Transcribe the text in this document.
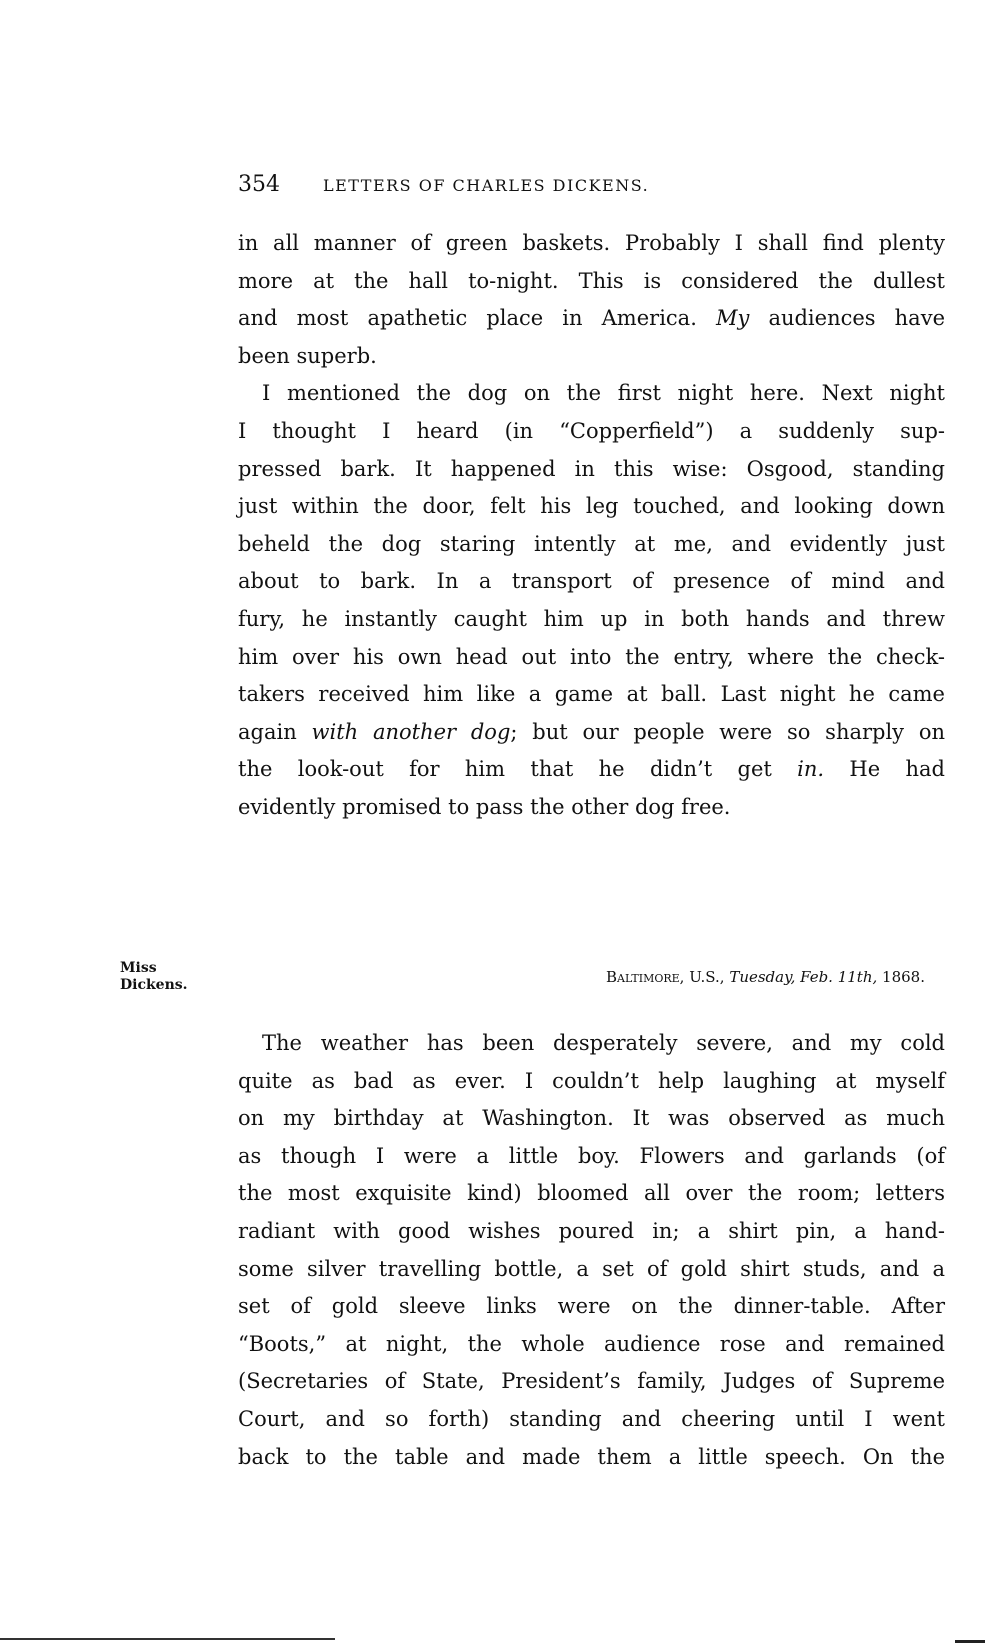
354	LETTERS OF CHARLES DICKENS.
in all manner of green baskets. Probably I shall find plenty
more at the hall to-night. This is considered the dullest
and most apathetic place in America. My audiences have
been superb.
I mentioned the dog on the first night here. Next night
I thought I heard (in “Copperfield”) a suddenly sup-
pressed bark. It happened in this wise: Osgood, standing
just within the door, felt his leg touched, and looking down
beheld the dog staring intently at me, and evidently just
about to bark. In a transport of presence of mind and
fury, he instantly caught him up in both hands and threw
him over his own head out into the entry, where the check-
takers received him like a game at ball. Last night he came
again with another dog; but our people were so sharply on
the look-out for him that he didn’t get in. He had
evidently promised to pass the other dog free.
Miss
Dickens.	Baltimore, U.S., Tuesday, Feb. 11th, 1868.
The weather has been desperately severe, and my cold
quite as bad as ever. I couldn’t help laughing at myself
on my birthday at Washington. It was observed as much
as though I were a little boy. Flowers and garlands (of
the most exquisite kind) bloomed all over the room; letters
radiant with good wishes poured in; a shirt pin, a hand-
some silver travelling bottle, a set of gold shirt studs, and a
set of gold sleeve links were on the dinner-table. After
“Boots,” at night, the whole audience rose and remained
(Secretaries of State, President’s family, Judges of Supreme
Court, and so forth) standing and cheering until I went
back to the table and made them a little speech. On the
